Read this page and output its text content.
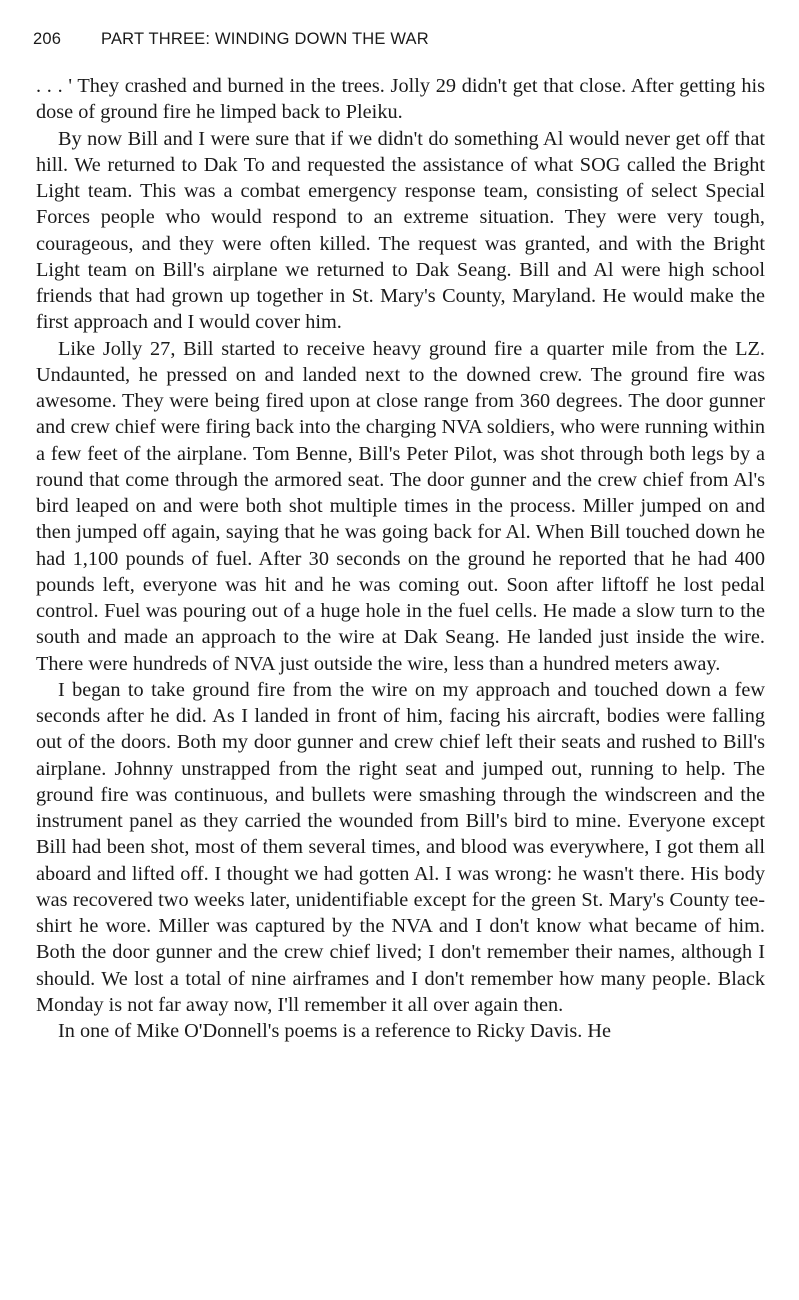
206 PART THREE: WINDING DOWN THE WAR

. . . ' They crashed and burned in the trees. Jolly 29 didn't get that close. After getting his dose of ground fire he limped back to Pleiku.

By now Bill and I were sure that if we didn't do something Al would never get off that hill. We returned to Dak To and requested the assistance of what SOG called the Bright Light team. This was a combat emergency response team, consisting of select Special Forces people who would respond to an extreme situation. They were very tough, courageous, and they were often killed. The request was granted, and with the Bright Light team on Bill's airplane we returned to Dak Seang. Bill and Al were high school friends that had grown up together in St. Mary's County, Maryland. He would make the first approach and I would cover him.

Like Jolly 27, Bill started to receive heavy ground fire a quarter mile from the LZ. Undaunted, he pressed on and landed next to the downed crew. The ground fire was awesome. They were being fired upon at close range from 360 degrees. The door gunner and crew chief were firing back into the charging NVA soldiers, who were running within a few feet of the airplane. Tom Benne, Bill's Peter Pilot, was shot through both legs by a round that come through the armored seat. The door gunner and the crew chief from Al's bird leaped on and were both shot multiple times in the process. Miller jumped on and then jumped off again, saying that he was going back for Al. When Bill touched down he had 1,100 pounds of fuel. After 30 seconds on the ground he reported that he had 400 pounds left, everyone was hit and he was coming out. Soon after liftoff he lost pedal control. Fuel was pouring out of a huge hole in the fuel cells. He made a slow turn to the south and made an approach to the wire at Dak Seang. He landed just inside the wire. There were hundreds of NVA just outside the wire, less than a hundred meters away.

I began to take ground fire from the wire on my approach and touched down a few seconds after he did. As I landed in front of him, facing his aircraft, bodies were falling out of the doors. Both my door gunner and crew chief left their seats and rushed to Bill's airplane. Johnny unstrapped from the right seat and jumped out, running to help. The ground fire was continuous, and bullets were smashing through the windscreen and the instrument panel as they carried the wounded from Bill's bird to mine. Everyone except Bill had been shot, most of them several times, and blood was everywhere, I got them all aboard and lifted off. I thought we had gotten Al. I was wrong: he wasn't there. His body was recovered two weeks later, unidentifiable except for the green St. Mary's County tee-shirt he wore. Miller was captured by the NVA and I don't know what became of him. Both the door gunner and the crew chief lived; I don't remember their names, although I should. We lost a total of nine airframes and I don't remember how many people. Black Monday is not far away now, I'll remember it all over again then.

In one of Mike O'Donnell's poems is a reference to Ricky Davis. He
